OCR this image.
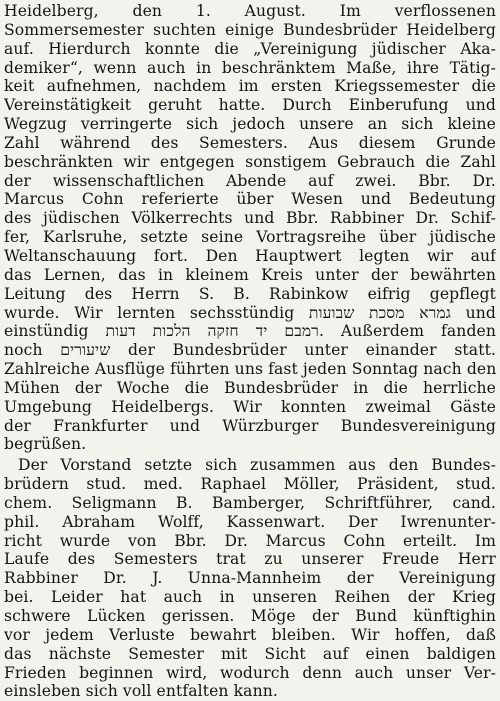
Heidelberg, den 1. August. Im verflossenen
Sommersemester suchten einige Bundesbrüder Heidelberg
auf. Hierdurch konnte die „Vereinigung jüdischer Aka-
demiker“, wenn auch in beschränktem Maße, ihre Tätig-
keit aufnehmen, nachdem im ersten Kriegssemester die
Vereinstätigkeit geruht hatte. Durch Einberufung und
Wegzug verringerte sich jedoch unsere an sich kleine
Zahl während des Semesters. Aus diesem Grunde
beschränkten wir entgegen sonstigem Gebrauch die Zahl
der wissenschaftlichen Abende auf zwei. Bbr. Dr.
Marcus Cohn referierte über Wesen und Bedeutung
des jüdischen Völkerrechts und Bbr. Rabbiner Dr. Schif-
fer, Karlsruhe, setzte seine Vortragsreihe über jüdische
Weltanschauung fort. Den Hauptwert legten wir auf
das Lernen, das in kleinem Kreis unter der bewährten
Leitung des Herrn S. B. Rabinkow eifrig gepflegt
wurde. Wir lernten sechsstündig גמרא מסכת שבועות und
einstündig רמבם יד חזקה הלכות דעות. Außerdem fanden
noch שיעורים der Bundesbrüder unter einander statt.
Zahlreiche Ausflüge führten uns fast jeden Sonntag nach den
Mühen der Woche die Bundesbrüder in die herrliche
Umgebung Heidelbergs. Wir konnten zweimal Gäste
der Frankfurter und Würzburger Bundesvereinigung
begrüßen.
Der Vorstand setzte sich zusammen aus den Bundes-
brüdern stud. med. Raphael Möller, Präsident, stud.
chem. Seligmann B. Bamberger, Schriftführer, cand.
phil. Abraham Wolff, Kassenwart. Der Iwrenunter-
richt wurde von Bbr. Dr. Marcus Cohn erteilt. Im
Laufe des Semesters trat zu unserer Freude Herr
Rabbiner Dr. J. Unna-Mannheim der Vereinigung
bei. Leider hat auch in unseren Reihen der Krieg
schwere Lücken gerissen. Möge der Bund künftighin
vor jedem Verluste bewahrt bleiben. Wir hoffen, daß
das nächste Semester mit Sicht auf einen baldigen
Frieden beginnen wird, wodurch denn auch unser Ver-
einsleben sich voll entfalten kann.
